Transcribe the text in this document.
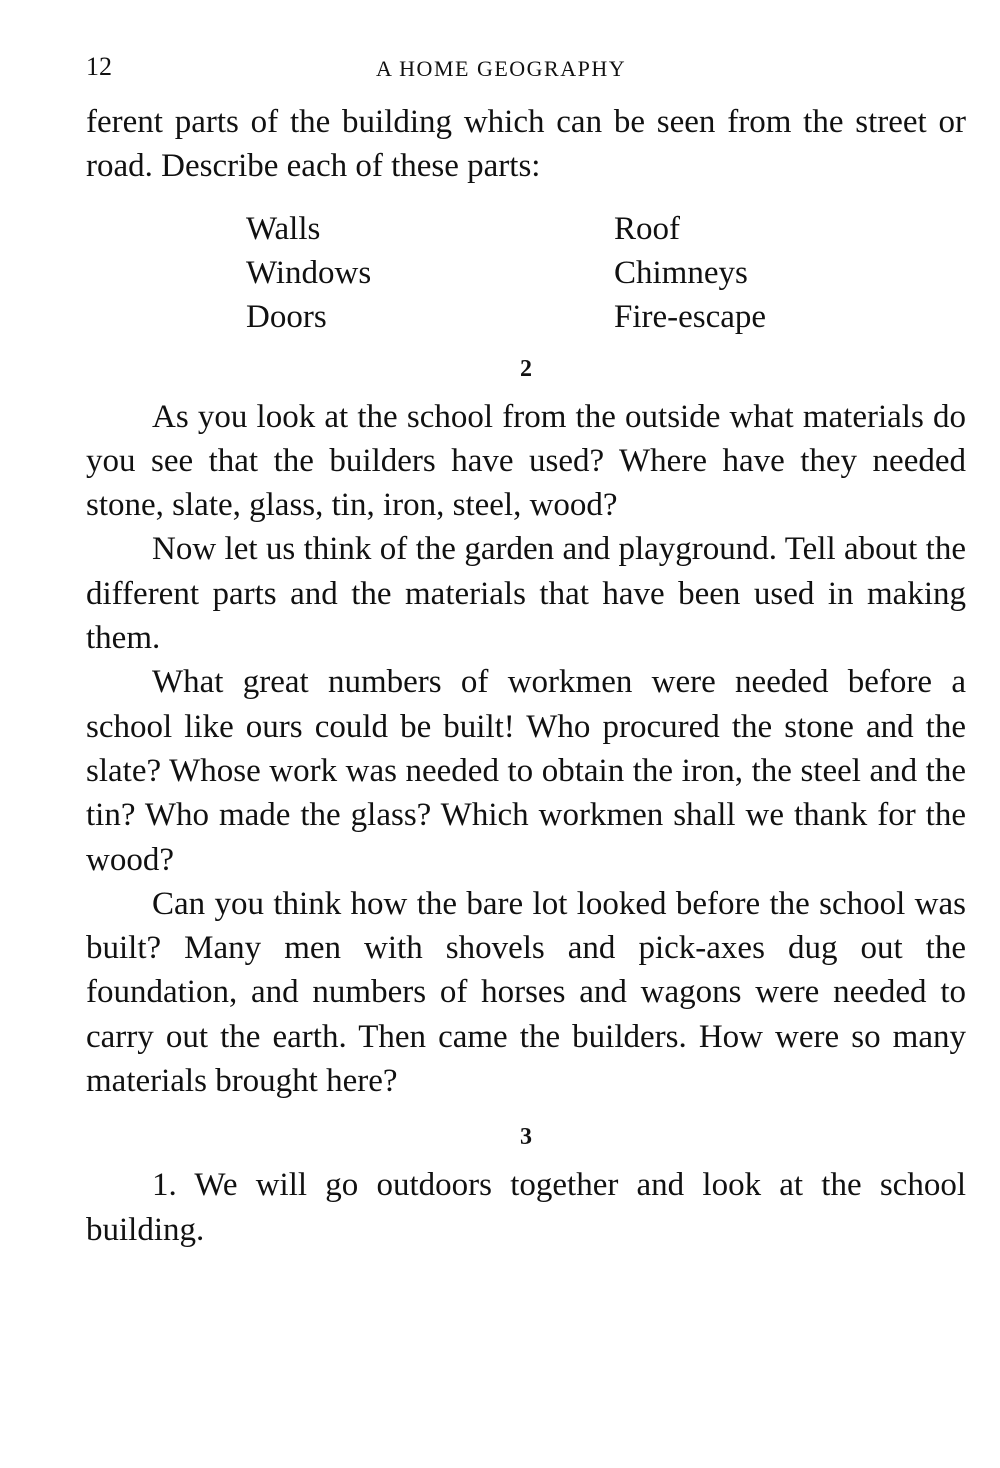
12	A HOME GEOGRAPHY

ferent parts of the building which can be seen from the street or road. Describe each of these parts:

Walls
Windows
Doors
Roof
Chimneys
Fire-escape
2

As you look at the school from the outside what materials do you see that the builders have used? Where have they needed stone, slate, glass, tin, iron, steel, wood?

Now let us think of the garden and playground. Tell about the different parts and the materials that have been used in making them.

What great numbers of workmen were needed before a school like ours could be built! Who procured the stone and the slate? Whose work was needed to obtain the iron, the steel and the tin? Who made the glass? Which workmen shall we thank for the wood?

Can you think how the bare lot looked before the school was built? Many men with shovels and pick-axes dug out the foundation, and numbers of horses and wagons were needed to carry out the earth. Then came the builders. How were so many materials brought here?

3

1. We will go outdoors together and look at the school building.
